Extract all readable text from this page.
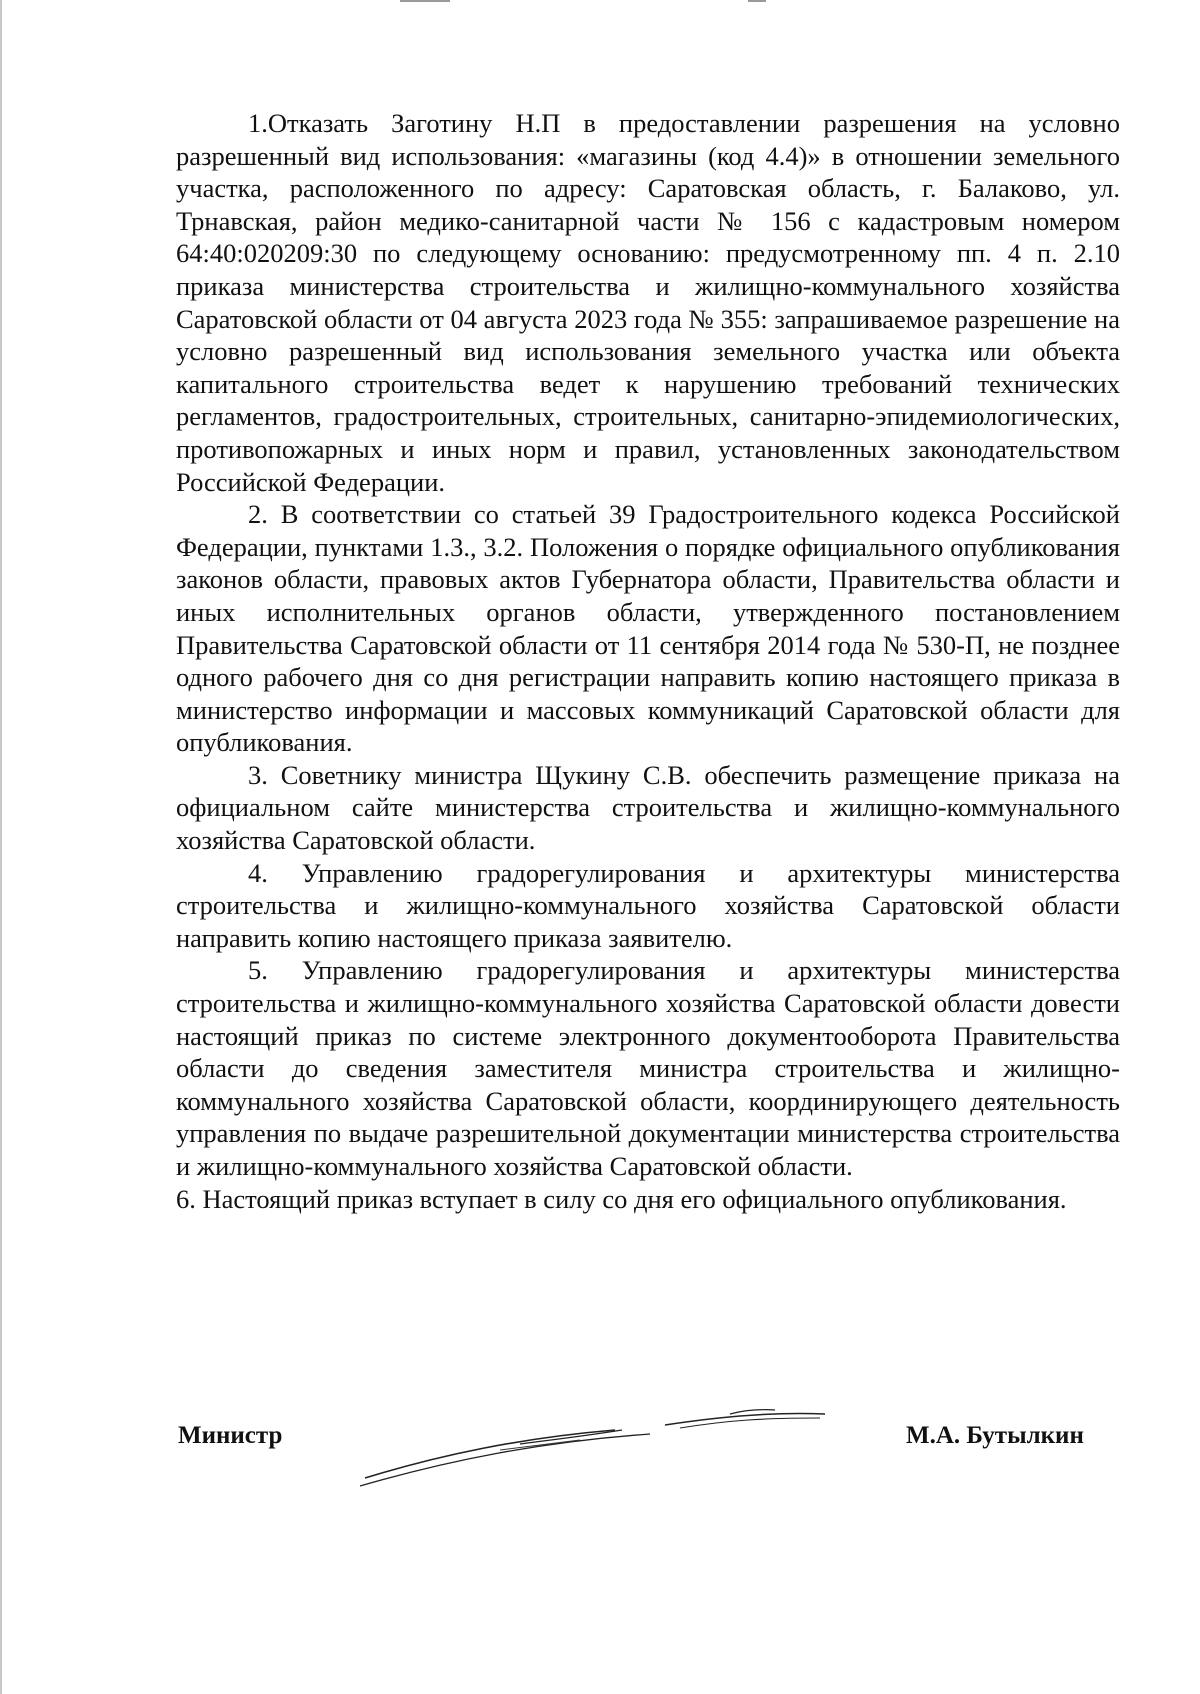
1.Отказать Заготину Н.П в предоставлении разрешения на условно разрешенный вид использования: «магазины (код 4.4)» в отношении земельного участка, расположенного по адресу: Саратовская область, г. Балаково, ул. Трнавская, район медико-санитарной части № 156 с кадастровым номером 64:40:020209:30 по следующему основанию: предусмотренному пп. 4 п. 2.10 приказа министерства строительства и жилищно-коммунального хозяйства Саратовской области от 04 августа 2023 года № 355: запрашиваемое разрешение на условно разрешенный вид использования земельного участка или объекта капитального строительства ведет к нарушению требований технических регламентов, градостроительных, строительных, санитарно-эпидемиологических, противопожарных и иных норм и правил, установленных законодательством Российской Федерации.

2. В соответствии со статьей 39 Градостроительного кодекса Российской Федерации, пунктами 1.3., 3.2. Положения о порядке официального опубликования законов области, правовых актов Губернатора области, Правительства области и иных исполнительных органов области, утвержденного постановлением Правительства Саратовской области от 11 сентября 2014 года № 530-П, не позднее одного рабочего дня со дня регистрации направить копию настоящего приказа в министерство информации и массовых коммуникаций Саратовской области для опубликования.

3. Советнику министра Щукину С.В. обеспечить размещение приказа на официальном сайте министерства строительства и жилищно-коммунального хозяйства Саратовской области.

4. Управлению градорегулирования и архитектуры министерства строительства и жилищно-коммунального хозяйства Саратовской области направить копию настоящего приказа заявителю.

5. Управлению градорегулирования и архитектуры министерства строительства и жилищно-коммунального хозяйства Саратовской области довести настоящий приказ по системе электронного документооборота Правительства области до сведения заместителя министра строительства и жилищно-коммунального хозяйства Саратовской области, координирующего деятельность управления по выдаче разрешительной документации министерства строительства и жилищно-коммунального хозяйства Саратовской области.

6. Настоящий приказ вступает в силу со дня его официального опубликования.

Министр	М.А. Бутылкин
